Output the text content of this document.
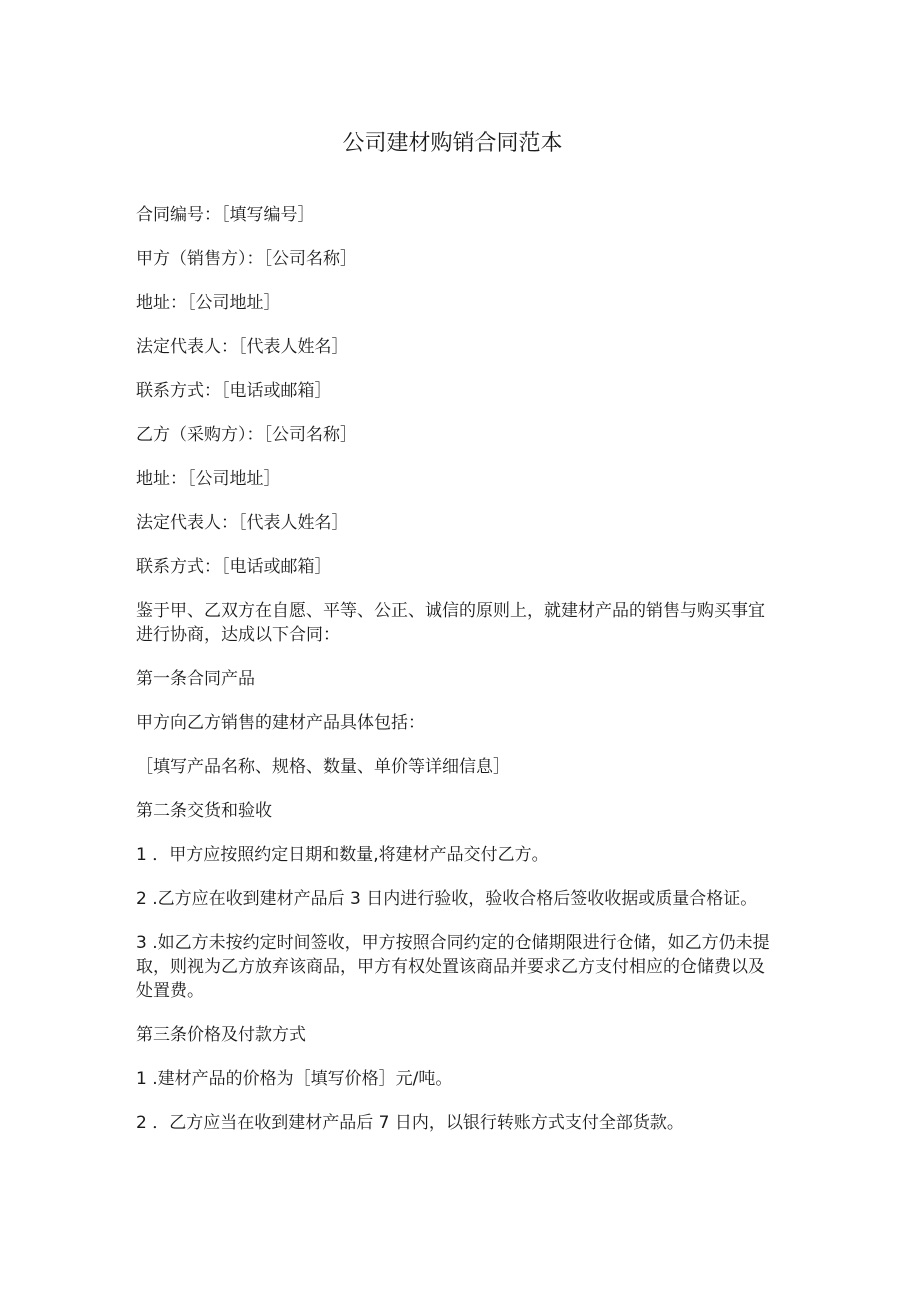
公司建材购销合同范本

合同编号：［填写编号］

甲方（销售方）：［公司名称］

地址：［公司地址］

法定代表人：［代表人姓名］

联系方式：［电话或邮箱］

乙方（采购方）：［公司名称］

地址：［公司地址］

法定代表人：［代表人姓名］

联系方式：［电话或邮箱］

鉴于甲、乙双方在自愿、平等、公正、诚信的原则上，就建材产品的销售与购买事宜进行协商，达成以下合同：

第一条合同产品

甲方向乙方销售的建材产品具体包括：

［填写产品名称、规格、数量、单价等详细信息］

第二条交货和验收

1 ．甲方应按照约定日期和数量,将建材产品交付乙方。

2 .乙方应在收到建材产品后 3 日内进行验收，验收合格后签收收据或质量合格证。

3 .如乙方未按约定时间签收，甲方按照合同约定的仓储期限进行仓储，如乙方仍未提取，则视为乙方放弃该商品，甲方有权处置该商品并要求乙方支付相应的仓储费以及处置费。

第三条价格及付款方式

1 .建材产品的价格为［填写价格］元/吨。

2 ．乙方应当在收到建材产品后 7 日内，以银行转账方式支付全部货款。
